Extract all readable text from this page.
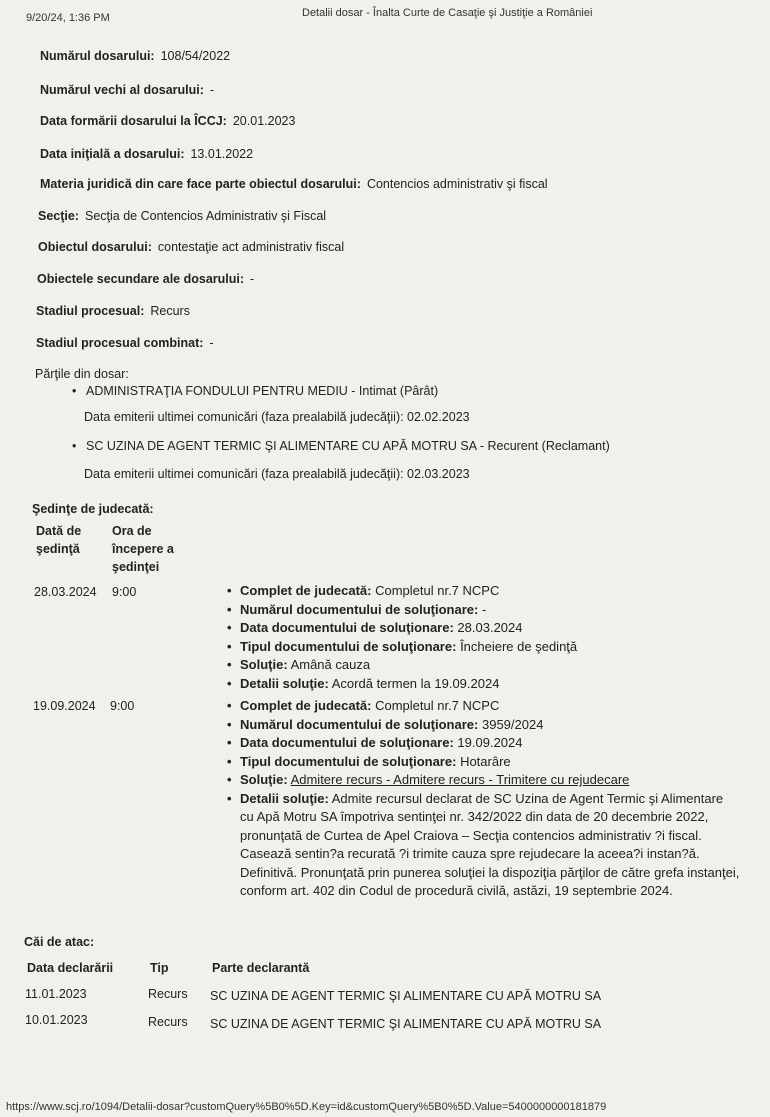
9/20/24, 1:36 PM	Detalii dosar - Înalta Curte de Casaţie şi Justiţie a României
Numărul dosarului: 108/54/2022
Numărul vechi al dosarului: -
Data formării dosarului la ÎCCJ: 20.01.2023
Data iniţială a dosarului: 13.01.2022
Materia juridică din care face parte obiectul dosarului: Contencios administrativ şi fiscal
Secţie: Secţia de Contencios Administrativ şi Fiscal
Obiectul dosarului: contestaţie act administrativ fiscal
Obiectele secundare ale dosarului: -
Stadiul procesual: Recurs
Stadiul procesual combinat: -
Părţile din dosar:
• ADMINISTRAŢIA FONDULUI PENTRU MEDIU - Intimat (Pârât)
Data emiterii ultimei comunicări (faza prealabilă judecăţii): 02.02.2023
• SC UZINA DE AGENT TERMIC ŞI ALIMENTARE CU APĂ MOTRU SA - Recurent (Reclamant)
Data emiterii ultimei comunicări (faza prealabilă judecăţii): 02.03.2023
Şedinţe de judecată:
Dată de şedinţă
Ora de începere a şedinţei
28.03.2024 9:00	• Complet de judecată: Completul nr.7 NCPC
• Numărul documentului de soluţionare: -
• Data documentului de soluţionare: 28.03.2024
• Tipul documentului de soluţionare: Încheiere de şedinţă
• Soluţie: Amână cauza
• Detalii soluţie: Acordă termen la 19.09.2024
19.09.2024 9:00	• Complet de judecată: Completul nr.7 NCPC
• Numărul documentului de soluţionare: 3959/2024
• Data documentului de soluţionare: 19.09.2024
• Tipul documentului de soluţionare: Hotarâre
• Soluţie: Admitere recurs - Admitere recurs - Trimitere cu rejudecare
• Detalii soluţie: Admite recursul declarat de SC Uzina de Agent Termic şi Alimentare cu Apă Motru SA împotriva sentinţei nr. 342/2022 din data de 20 decembrie 2022, pronunţată de Curtea de Apel Craiova – Secţia contencios administrativ ?i fiscal. Casează sentin?a recurată ?i trimite cauza spre rejudecare la aceea?i instan?ă. Definitivă. Pronunţată prin punerea soluţiei la dispoziţia părţilor de către grefa instanţei, conform art. 402 din Codul de procedură civilă, astăzi, 19 septembrie 2024.
Căi de atac:
Data declarării	Tip	Parte declarantă
11.01.2023	Recurs SC UZINA DE AGENT TERMIC ŞI ALIMENTARE CU APĂ MOTRU SA
10.01.2023	Recurs SC UZINA DE AGENT TERMIC ŞI ALIMENTARE CU APĂ MOTRU SA
https://www.scj.ro/1094/Detalii-dosar?customQuery%5B0%5D.Key=id&customQuery%5B0%5D.Value=5400000000181879
